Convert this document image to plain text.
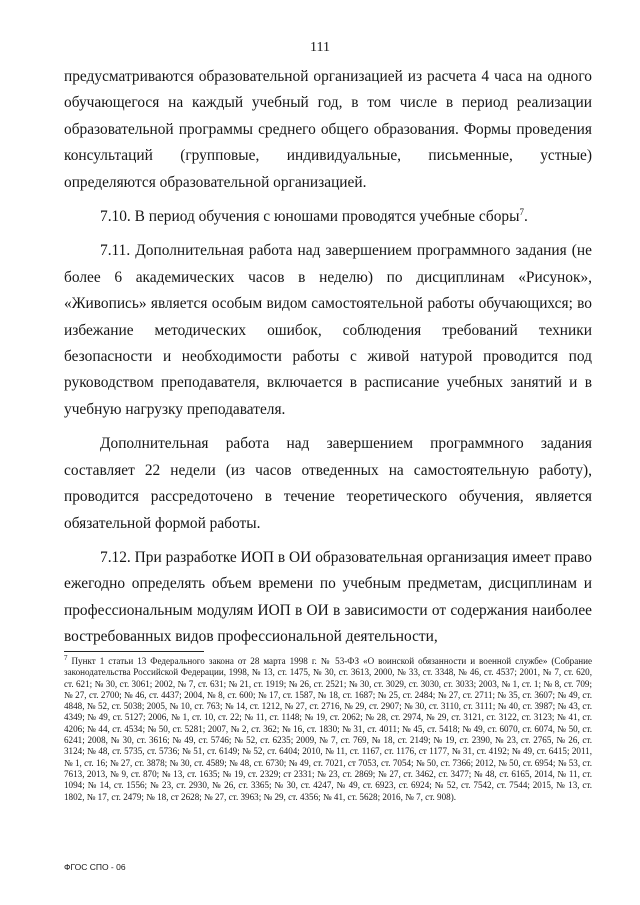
111

предусматриваются образовательной организацией из расчета 4 часа на одного обучающегося на каждый учебный год, в том числе в период реализации образовательной программы среднего общего образования. Формы проведения консультаций (групповые, индивидуальные, письменные, устные) определяются образовательной организацией.

7.10. В период обучения с юношами проводятся учебные сборы$^7$.

7.11. Дополнительная работа над завершением программного задания (не более 6 академических часов в неделю) по дисциплинам «Рисунок», «Живопись» является особым видом самостоятельной работы обучающихся; во избежание методических ошибок, соблюдения требований техники безопасности и необходимости работы с живой натурой проводится под руководством преподавателя, включается в расписание учебных занятий и в учебную нагрузку преподавателя.

Дополнительная работа над завершением программного задания составляет 22 недели (из часов отведенных на самостоятельную работу), проводится рассредоточено в течение теоретического обучения, является обязательной формой работы.

7.12. При разработке ИОП в ОИ образовательная организация имеет право ежегодно определять объем времени по учебным предметам, дисциплинам и профессиональным модулям ИОП в ОИ в зависимости от содержания наиболее востребованных видов профессиональной деятельности,

$^7$ Пункт 1 статьи 13 Федерального закона от 28 марта 1998 г. № 53-ФЗ «О воинской обязанности и военной службе» (Собрание законодательства Российской Федерации, 1998, № 13, ст. 1475, № 30, ст. 3613, 2000, № 33, ст. 3348, № 46, ст. 4537; 2001, № 7, ст. 620, ст. 621; № 30, ст. 3061; 2002, № 7, ст. 631; № 21, ст. 1919; № 26, ст. 2521; № 30, ст. 3029, ст. 3030, ст. 3033; 2003, № 1, ст. 1; № 8, ст. 709; № 27, ст. 2700; № 46, ст. 4437; 2004, № 8, ст. 600; № 17, ст. 1587, № 18, ст. 1687; № 25, ст. 2484; № 27, ст. 2711; № 35, ст. 3607; № 49, ст. 4848, № 52, ст. 5038; 2005, № 10, ст. 763; № 14, ст. 1212, № 27, ст. 2716, № 29, ст. 2907; № 30, ст. 3110, ст. 3111; № 40, ст. 3987; № 43, ст. 4349; № 49, ст. 5127; 2006, № 1, ст. 10, ст. 22; № 11, ст. 1148; № 19, ст. 2062; № 28, ст. 2974, № 29, ст. 3121, ст. 3122, ст. 3123; № 41, ст. 4206; № 44, ст. 4534; № 50, ст. 5281; 2007, № 2, ст. 362; № 16, ст. 1830; № 31, ст. 4011; № 45, ст. 5418; № 49, ст. 6070, ст. 6074, № 50, ст. 6241; 2008, № 30, ст. 3616; № 49, ст. 5746; № 52, ст. 6235; 2009, № 7, ст. 769, № 18, ст. 2149; № 19, ст. 2390, № 23, ст. 2765, № 26, ст. 3124; № 48, ст. 5735, ст. 5736; № 51, ст. 6149; № 52, ст. 6404; 2010, № 11, ст. 1167, ст. 1176, ст 1177, № 31, ст. 4192; № 49, ст. 6415; 2011, № 1, ст. 16; № 27, ст. 3878; № 30, ст. 4589; № 48, ст. 6730; № 49, ст. 7021, ст 7053, ст. 7054; № 50, ст. 7366; 2012, № 50, ст. 6954; № 53, ст. 7613, 2013, № 9, ст. 870; № 13, ст. 1635; № 19, ст. 2329; ст 2331; № 23, ст. 2869; № 27, ст. 3462, ст. 3477; № 48, ст. 6165, 2014, № 11, ст. 1094; № 14, ст. 1556; № 23, ст. 2930, № 26, ст. 3365; № 30, ст. 4247, № 49, ст. 6923, ст. 6924; № 52, ст. 7542, ст. 7544; 2015, № 13, ст. 1802, № 17, ст. 2479; № 18, ст 2628; № 27, ст. 3963; № 29, ст. 4356; № 41, ст. 5628; 2016, № 7, ст. 908).
ФГОС СПО - 06
